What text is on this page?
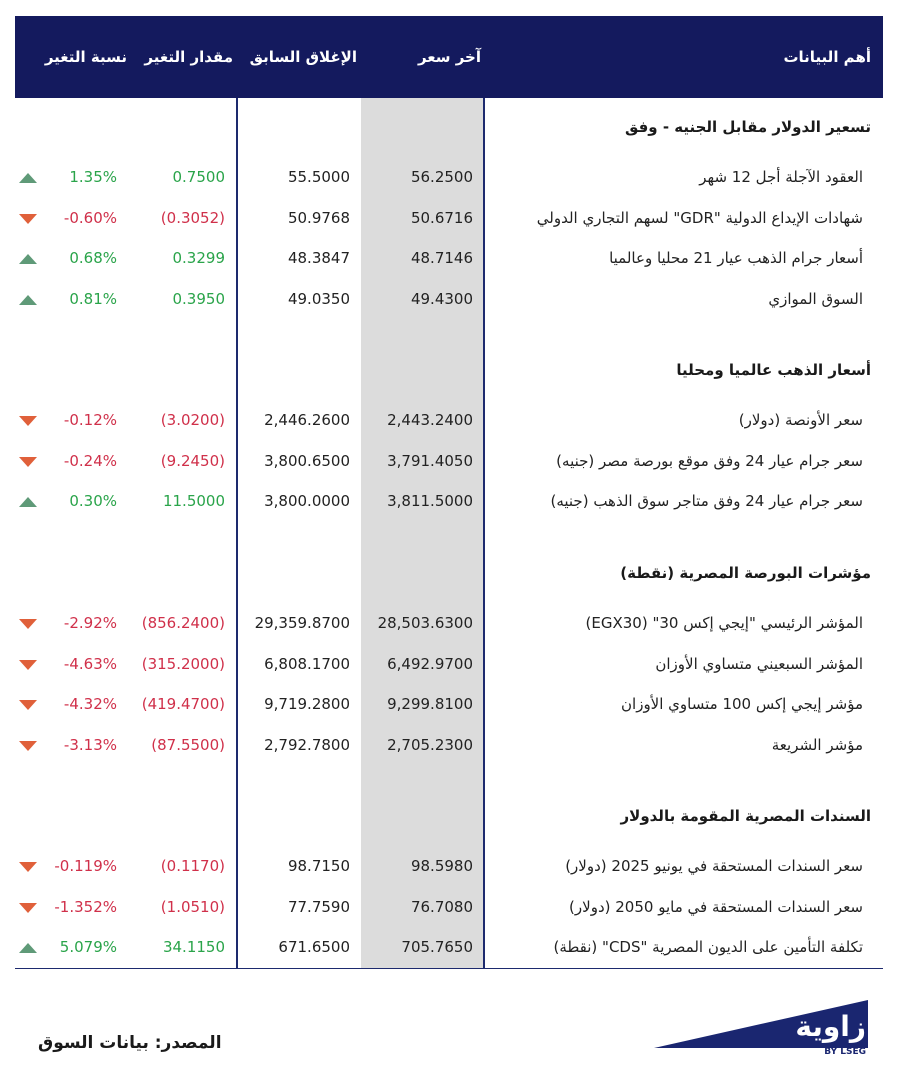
أهم البيانات
آخر سعر
الإغلاق السابق
مقدار التغير
نسبة التغير
تسعير الدولار مقابل الجنيه - وفق
العقود الآجلة أجل 12 شهر
56.2500
55.5000
0.7500
1.35%
شهادات الإيداع الدولية "GDR" لسهم التجاري الدولي
50.6716
50.9768
(0.3052)
-0.60%
أسعار جرام الذهب عيار 21 محليا وعالميا
48.7146
48.3847
0.3299
0.68%
السوق الموازي
49.4300
49.0350
0.3950
0.81%
أسعار الذهب عالميا ومحليا
سعر الأونصة (دولار)
2,443.2400
2,446.2600
(3.0200)
-0.12%
سعر جرام عيار 24 وفق موقع بورصة مصر (جنيه)
3,791.4050
3,800.6500
(9.2450)
-0.24%
سعر جرام عيار 24 وفق متاجر سوق الذهب (جنيه)
3,811.5000
3,800.0000
11.5000
0.30%
مؤشرات البورصة المصرية (نقطة)
المؤشر الرئيسي "إيجي إكس 30" (EGX30)
28,503.6300
29,359.8700
(856.2400)
-2.92%
المؤشر السبعيني متساوي الأوزان
6,492.9700
6,808.1700
(315.2000)
-4.63%
مؤشر إيجي إكس 100 متساوي الأوزان
9,299.8100
9,719.2800
(419.4700)
-4.32%
مؤشر الشريعة
2,705.2300
2,792.7800
(87.5500)
-3.13%
السندات المصرية المقومة بالدولار
سعر السندات المستحقة في يونيو 2025 (دولار)
98.5980
98.7150
(0.1170)
-0.119%
سعر السندات المستحقة في مايو 2050 (دولار)
76.7080
77.7590
(1.0510)
-1.352%
تكلفة التأمين على الديون المصرية "CDS" (نقطة)
705.7650
671.6500
34.1150
5.079%
المصدر: بيانات السوق	زاوية
BY LSEG
